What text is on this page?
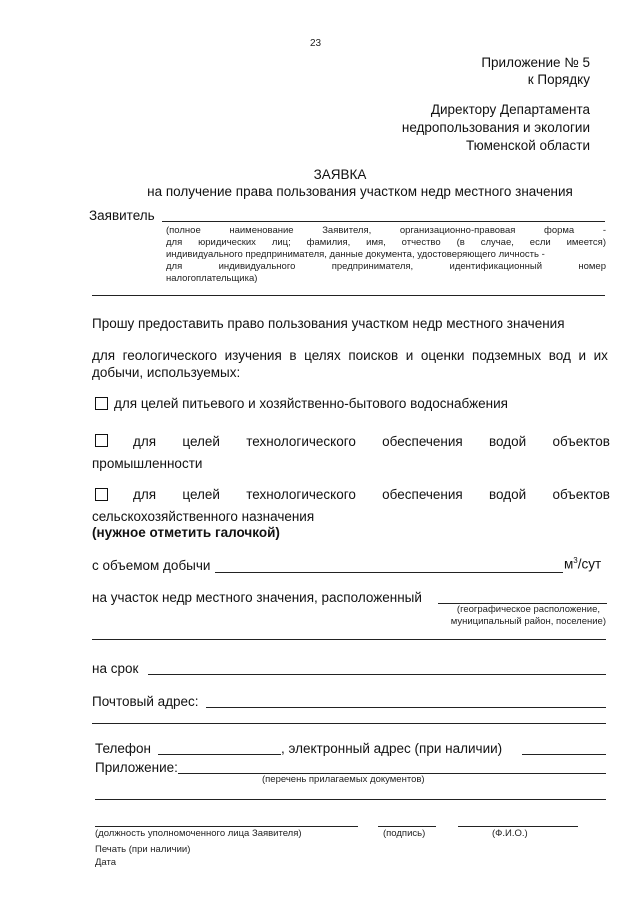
23
Приложение № 5
к Порядку
Директору Департамента
недропользования и экологии
Тюменской области
ЗАЯВКА
на получение права пользования участком недр местного значения
Заявитель
(полное	наименование	Заявителя,	организационно-правовая	форма	-
для юридических лиц; фамилия, имя, отчество (в случае, если имеется)
индивидуального предпринимателя, данные документа, удостоверяющего личность -
для	индивидуального	предпринимателя,	идентификационный	номер
налогоплательщика)
Прошу предоставить право пользования участком недр местного значения
для геологического изучения в целях поисков и оценки подземных вод и их
добычи, используемых:
для целей питьевого и хозяйственно-бытового водоснабжения
для целей технологического обеспечения водой объектов
промышленности
для целей технологического обеспечения водой объектов
сельскохозяйственного назначения
(нужное отметить галочкой)
с объемом добычи	$м^3$/сут
на участок недр местного значения, расположенный
(географическое расположение,
муниципальный район, поселение)
на срок
Почтовый адрес:
Телефон	, электронный адрес (при наличии)
Приложение:
(перечень прилагаемых документов)
(должность уполномоченного лица Заявителя)	(подпись)	(Ф.И.О.)
Печать (при наличии)
Дата
